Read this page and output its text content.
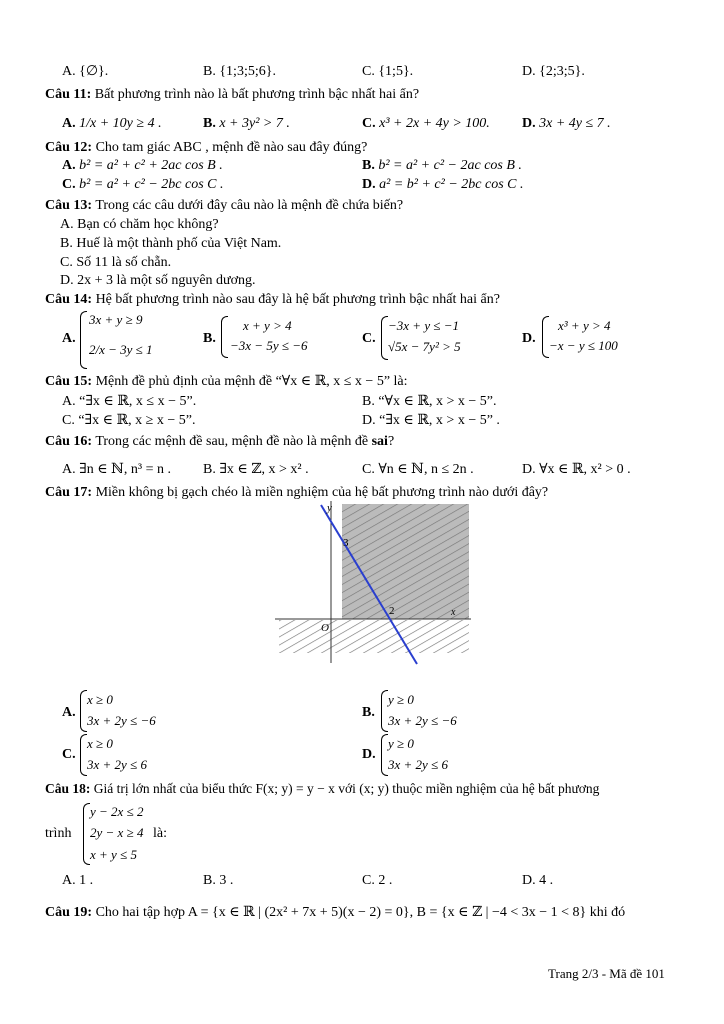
A. {∅}.	B. {1;3;5;6}.	C. {1;5}.	D. {2;3;5}.
Câu 11: Bất phương trình nào là bất phương trình bậc nhất hai ẩn?
A. 1/x + 10y ≥ 4 .	B. x + 3y² > 7 .	C. x³ + 2x + 4y > 100. D. 3x + 4y ≤ 7 .
Câu 12: Cho tam giác ABC , mệnh đề nào sau đây đúng?
A. b² = a² + c² + 2ac cos B .	B. b² = a² + c² − 2ac cos B .
C. b² = a² + c² − 2bc cos C .	D. a² = b² + c² − 2bc cos C .
Câu 13: Trong các câu dưới đây câu nào là mệnh đề chứa biến?
A. Bạn có chăm học không?
B. Huế là một thành phố của Việt Nam.
C. Số 11 là số chẵn.
D. 2x + 3 là một số nguyên dương.
Câu 14: Hệ bất phương trình nào sau đây là hệ bất phương trình bậc nhất hai ẩn?
A.
3x + y ≥ 9
2/x − 3y ≤ 1
B.
x + y > 4
−3x − 5y ≤ −6	C.
−3x + y ≤ −1
√5x − 7y² > 5
D.
x³ + y > 4
−x − y ≤ 100
Câu 15: Mệnh đề phủ định của mệnh đề “∀x ∈ ℝ, x ≤ x − 5” là:
A. “∃x ∈ ℝ, x ≤ x − 5”.	B. “∀x ∈ ℝ, x > x − 5”.
C. “∃x ∈ ℝ, x ≥ x − 5”.	D. “∃x ∈ ℝ, x > x − 5” .
Câu 16: Trong các mệnh đề sau, mệnh đề nào là mệnh đề sai?
A. ∃n ∈ ℕ, n³ = n . B. ∃x ∈ ℤ, x > x² .	C. ∀n ∈ ℕ, n ≤ 2n .	D. ∀x ∈ ℝ, x² > 0 .
Câu 17: Miền không bị gạch chéo là miền nghiệm của hệ bất phương trình nào dưới đây?
y
x
3
2
O
A.
x ≥ 0
3x + 2y ≤ −6
B.
y ≥ 0
3x + 2y ≤ −6
C.
x ≥ 0
3x + 2y ≤ 6
D.
y ≥ 0
3x + 2y ≤ 6
Câu 18: Giá trị lớn nhất của biểu thức F(x; y) = y − x với (x; y) thuộc miền nghiệm của hệ bất phương
trình
y − 2x ≤ 2
2y − x ≥ 4
x + y ≤ 5
là:
A. 1 .	B. 3 .	C. 2 .	D. 4 .
Câu 19: Cho hai tập hợp A = {x ∈ ℝ | (2x² + 7x + 5)(x − 2) = 0}, B = {x ∈ ℤ | −4 < 3x − 1 < 8} khi đó
Trang 2/3 - Mã đề 101
